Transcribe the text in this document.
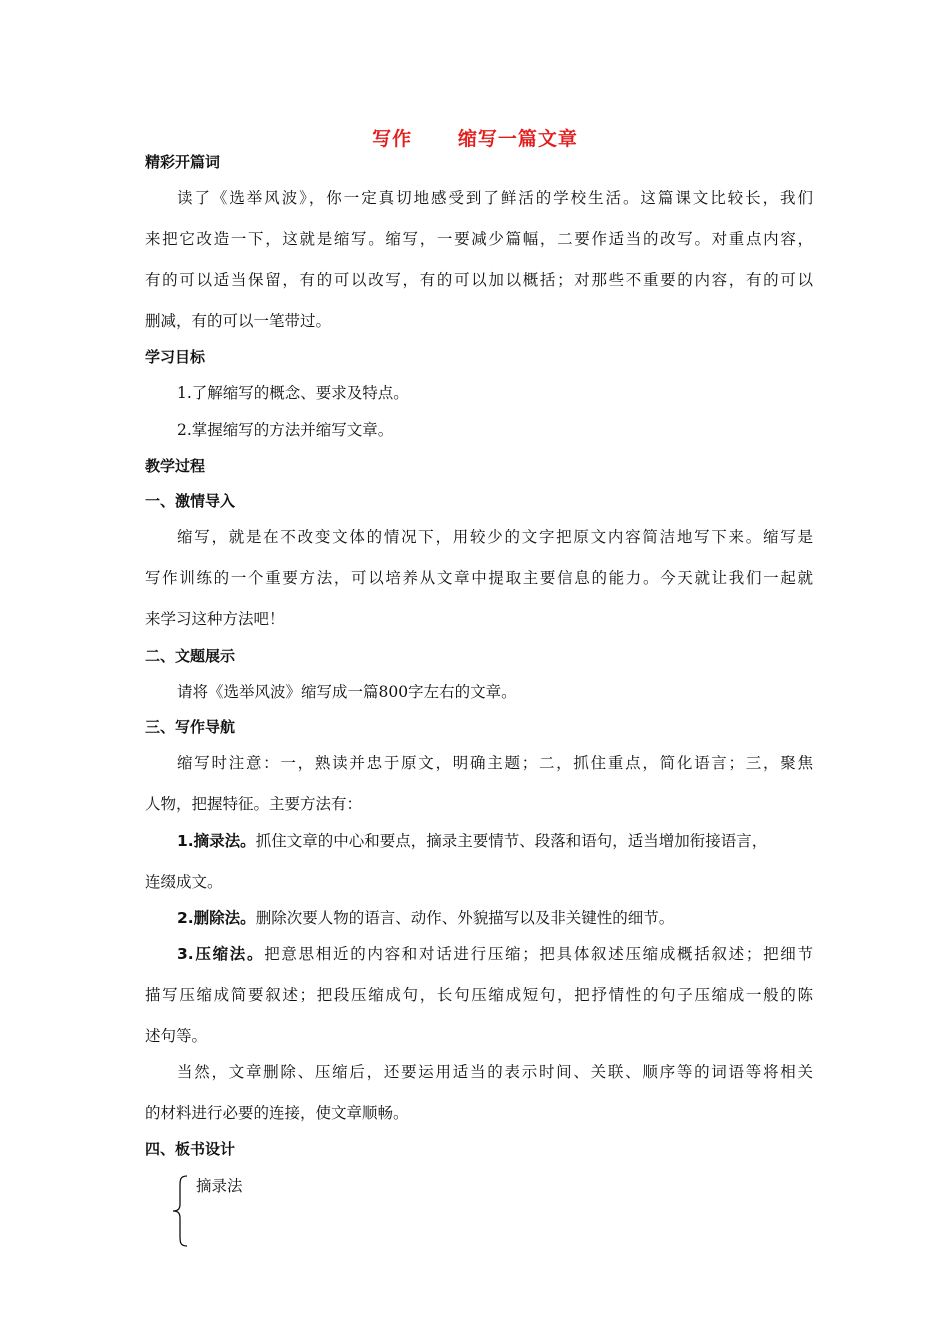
写作      缩写一篇文章
精彩开篇词
读了《选举风波》，你一定真切地感受到了鲜活的学校生活。这篇课文比较长，我们
来把它改造一下，这就是缩写。缩写，一要减少篇幅，二要作适当的改写。对重点内容，
有的可以适当保留，有的可以改写，有的可以加以概括；对那些不重要的内容，有的可以
删减，有的可以一笔带过。
学习目标
1.了解缩写的概念、要求及特点。
2.掌握缩写的方法并缩写文章。
教学过程
一、激情导入
缩写，就是在不改变文体的情况下，用较少的文字把原文内容简洁地写下来。缩写是
写作训练的一个重要方法，可以培养从文章中提取主要信息的能力。今天就让我们一起就
来学习这种方法吧！
二、文题展示
请将《选举风波》缩写成一篇800字左右的文章。
三、写作导航
缩写时注意：一，熟读并忠于原文，明确主题；二，抓住重点，简化语言；三，聚焦
人物，把握特征。主要方法有：
1.摘录法。抓住文章的中心和要点，摘录主要情节、段落和语句，适当增加衔接语言，
连缀成文。
2.删除法。删除次要人物的语言、动作、外貌描写以及非关键性的细节。
3.压缩法。把意思相近的内容和对话进行压缩；把具体叙述压缩成概括叙述；把细节
描写压缩成简要叙述；把段压缩成句，长句压缩成短句，把抒情性的句子压缩成一般的陈
述句等。
当然，文章删除、压缩后，还要运用适当的表示时间、关联、顺序等的词语等将相关
的材料进行必要的连接，使文章顺畅。
四、板书设计
摘录法
